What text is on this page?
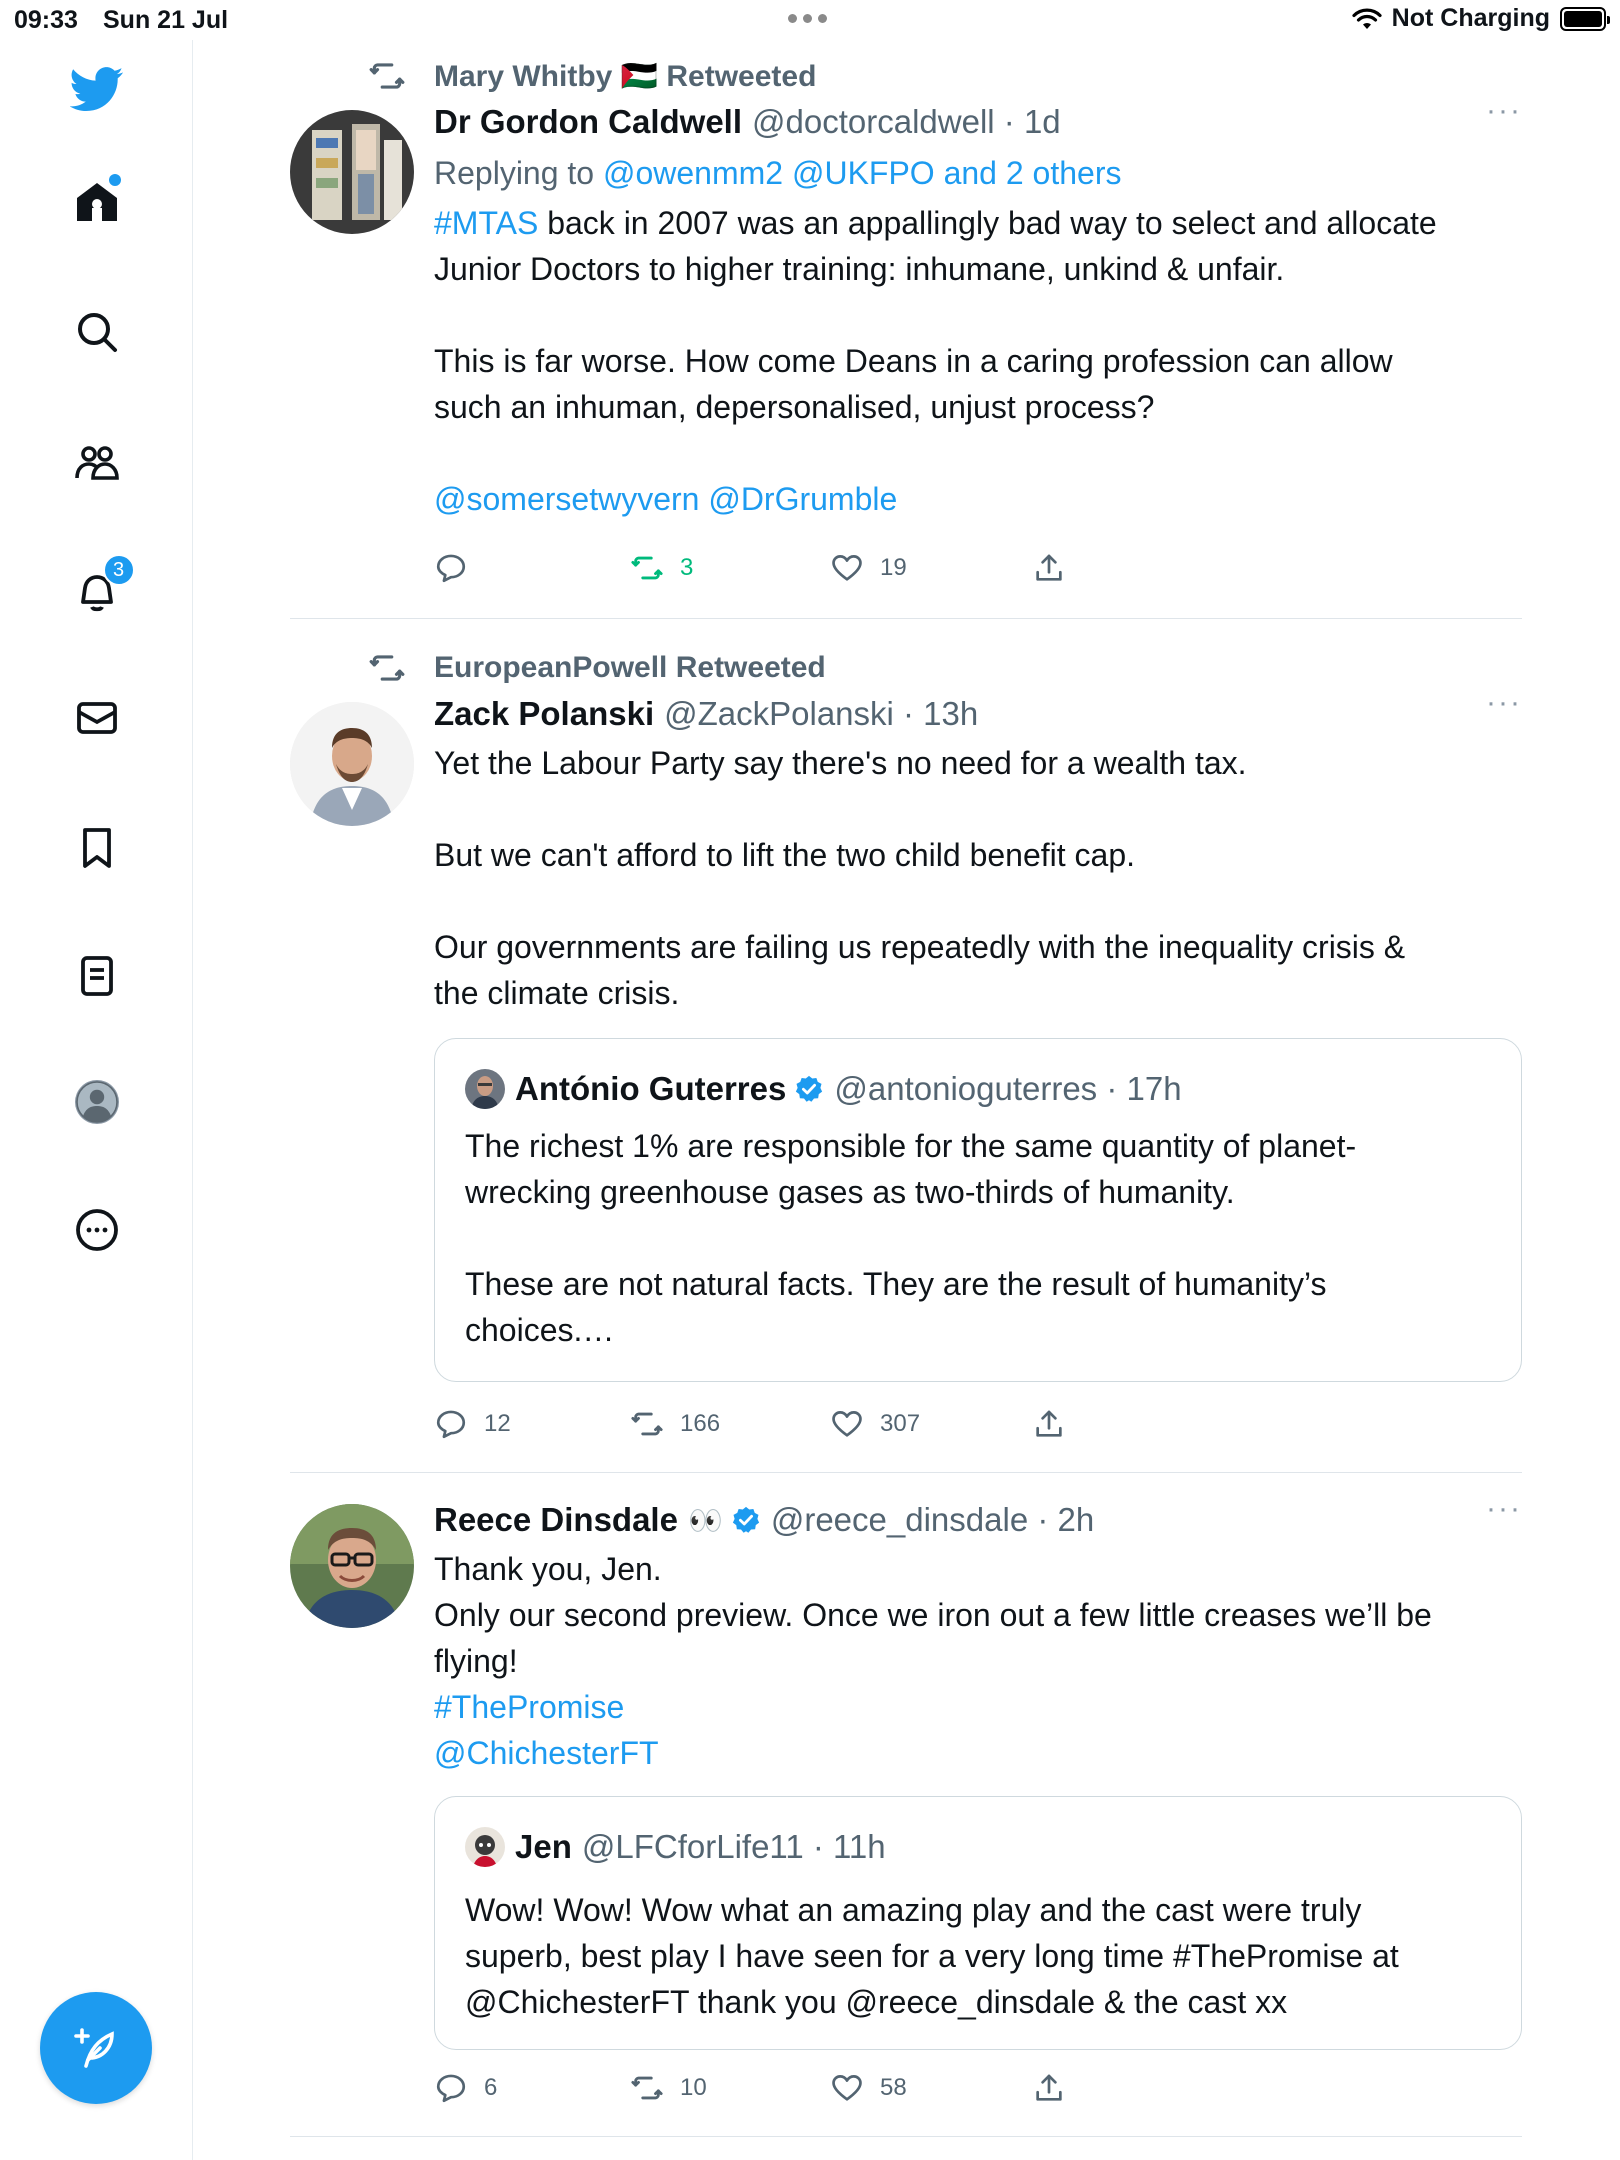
09:33 Sun 21 Jul	Not Charging
3
Mary Whitby 🇵🇸 Retweeted
Dr Gordon Caldwell @doctorcaldwell · 1d	···
Replying to @owenmm2 @UKFPO and 2 others

#MTAS back in 2007 was an appallingly bad way to select and allocate

Junior Doctors to higher training: inhumane, unkind & unfair.

This is far worse. How come Deans in a caring profession can allow

such an inhuman, depersonalised, unjust process?

@somersetwyvern @DrGrumble

3	19
EuropeanPowell Retweeted
Zack Polanski @ZackPolanski · 13h	···

Yet the Labour Party say there's no need for a wealth tax.

But we can't afford to lift the two child benefit cap.

Our governments are failing us repeatedly with the inequality crisis &

the climate crisis.

António Guterres @antonioguterres · 17h

The richest 1% are responsible for the same quantity of planet-

wrecking greenhouse gases as two-thirds of humanity.

These are not natural facts. They are the result of humanity’s

choices.…

12	166	307
Reece Dinsdale 👀 @reece_dinsdale · 2h	···

Thank you, Jen.

Only our second preview. Once we iron out a few little creases we’ll be

flying!

#ThePromise

@ChichesterFT

Jen @LFCforLife11 · 11h

Wow! Wow! Wow what an amazing play and the cast were truly

superb, best play I have seen for a very long time #ThePromise at

@ChichesterFT thank you @reece_dinsdale & the cast xx

6	10	58
